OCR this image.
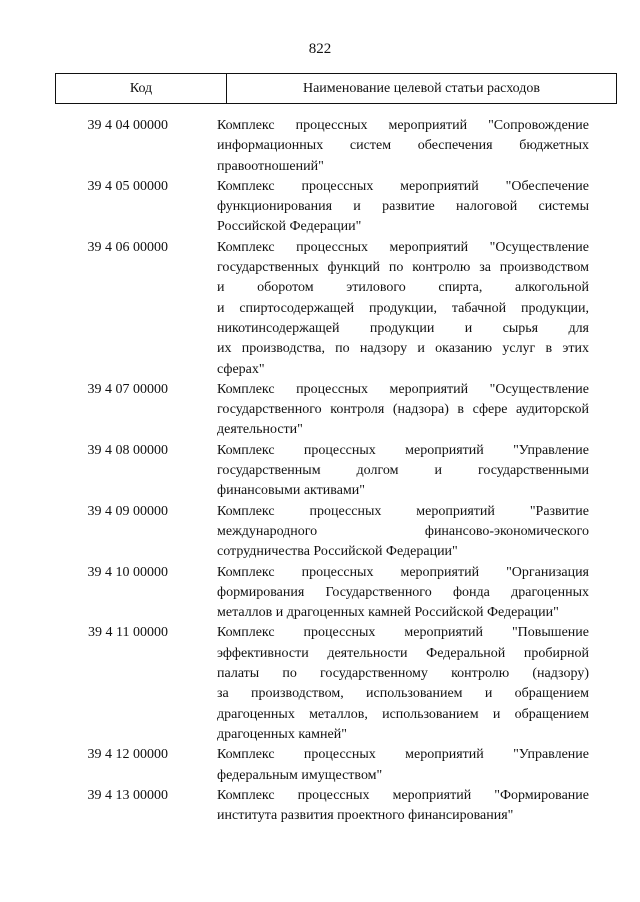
822
Код	Наименование целевой статьи расходов
39 4 04 00000	Комплекс процессных мероприятий "Сопровождение
информационных систем обеспечения бюджетных
правоотношений"
39 4 05 00000	Комплекс процессных мероприятий "Обеспечение
функционирования и развитие налоговой системы
Российской Федерации"
39 4 06 00000	Комплекс процессных мероприятий "Осуществление
государственных функций по контролю за производством
и оборотом этилового спирта, алкогольной
и спиртосодержащей продукции, табачной продукции,
никотинсодержащей продукции и сырья для
их производства, по надзору и оказанию услуг в этих
сферах"
39 4 07 00000	Комплекс процессных мероприятий "Осуществление
государственного контроля (надзора) в сфере аудиторской
деятельности"
39 4 08 00000	Комплекс процессных мероприятий "Управление
государственным долгом и государственными
финансовыми активами"
39 4 09 00000	Комплекс процессных мероприятий "Развитие
международного финансово-экономического
сотрудничества Российской Федерации"
39 4 10 00000	Комплекс процессных мероприятий "Организация
формирования Государственного фонда драгоценных
металлов и драгоценных камней Российской Федерации"
39 4 11 00000	Комплекс процессных мероприятий "Повышение
эффективности деятельности Федеральной пробирной
палаты по государственному контролю (надзору)
за производством, использованием и обращением
драгоценных металлов, использованием и обращением
драгоценных камней"
39 4 12 00000	Комплекс процессных мероприятий "Управление
федеральным имуществом"
39 4 13 00000	Комплекс процессных мероприятий "Формирование
института развития проектного финансирования"
